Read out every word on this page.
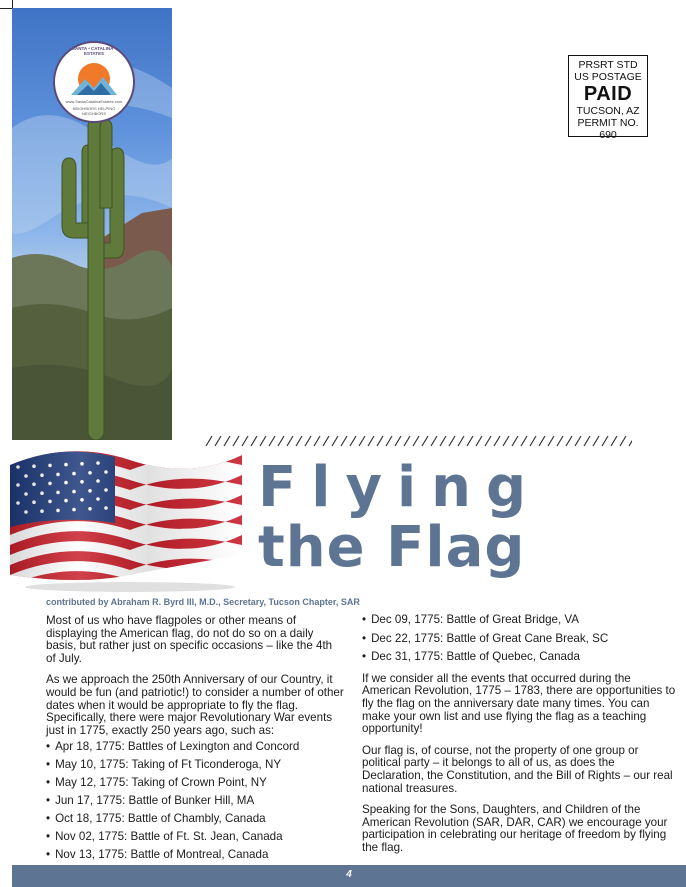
SANTA • CATALINA • ESTATES
www.SantaCatalinaEstates.com
NEIGHBORS HELPING NEIGHBORS
PRSRT STD
US POSTAGE
PAID
TUCSON, AZ
PERMIT NO. 690
Flying
the Flag
contributed by Abraham R. Byrd III, M.D., Secretary, Tucson Chapter, SAR

Most of us who have flagpoles or other means of displaying the American flag, do not do so on a daily basis, but rather just on specific occasions – like the 4th of July.

As we approach the 250th Anniversary of our Country, it would be fun (and patriotic!) to consider a number of other dates when it would be appropriate to fly the flag. Specifically, there were major Revolutionary War events just in 1775, exactly 250 years ago, such as:

• Apr 18, 1775: Battles of Lexington and Concord
• May 10, 1775: Taking of Ft Ticonderoga, NY
• May 12, 1775: Taking of Crown Point, NY
• Jun 17, 1775: Battle of Bunker Hill, MA
• Oct 18, 1775: Battle of Chambly, Canada
• Nov 02, 1775: Battle of Ft. St. Jean, Canada
• Nov 13, 1775: Battle of Montreal, Canada
• Dec 09, 1775: Battle of Great Bridge, VA
• Dec 22, 1775: Battle of Great Cane Break, SC
• Dec 31, 1775: Battle of Quebec, Canada

If we consider all the events that occurred during the American Revolution, 1775 – 1783, there are opportunities to fly the flag on the anniversary date many times. You can make your own list and use flying the flag as a teaching opportunity!

Our flag is, of course, not the property of one group or political party – it belongs to all of us, as does the Declaration, the Constitution, and the Bill of Rights – our real national treasures.

Speaking for the Sons, Daughters, and Children of the American Revolution (SAR, DAR, CAR) we encourage your participation in celebrating our heritage of freedom by flying the flag.

4
